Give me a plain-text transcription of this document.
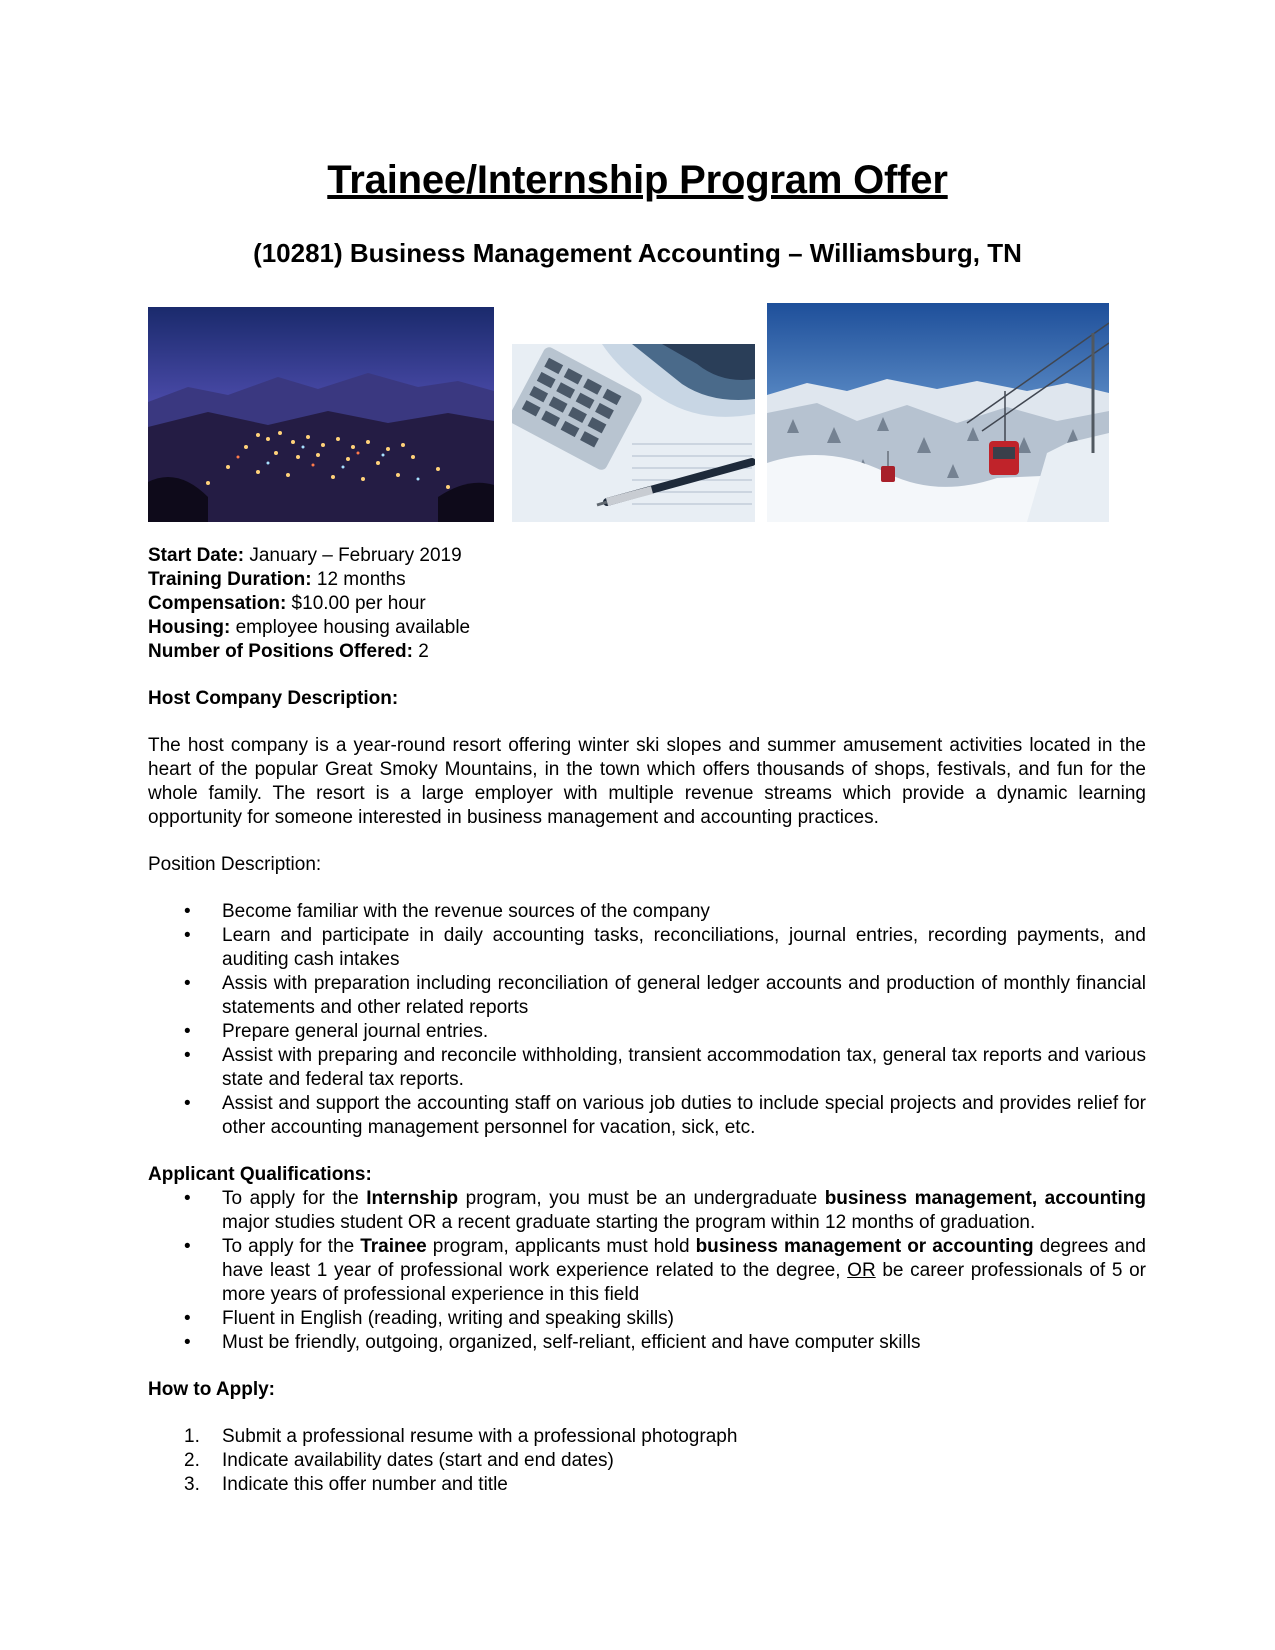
Trainee/Internship Program Offer
(10281) Business Management Accounting – Williamsburg, TN

Start Date: January – February 2019

Training Duration: 12 months

Compensation: $10.00 per hour

Housing: employee housing available

Number of Positions Offered: 2

Host Company Description:

The host company is a year-round resort offering winter ski slopes and summer amusement activities located in the heart of the popular Great Smoky Mountains, in the town which offers thousands of shops, festivals, and fun for the whole family. The resort is a large employer with multiple revenue streams which provide a dynamic learning opportunity for someone interested in business management and accounting practices.

Position Description:

• Become familiar with the revenue sources of the company
• Learn and participate in daily accounting tasks, reconciliations, journal entries, recording payments, and auditing cash intakes
• Assis with preparation including reconciliation of general ledger accounts and production of monthly financial statements and other related reports
• Prepare general journal entries.
• Assist with preparing and reconcile withholding, transient accommodation tax, general tax reports and various state and federal tax reports.
• Assist and support the accounting staff on various job duties to include special projects and provides relief for other accounting management personnel for vacation, sick, etc.

Applicant Qualifications:

• To apply for the Internship program, you must be an undergraduate business management, accounting major studies student OR a recent graduate starting the program within 12 months of graduation.
• To apply for the Trainee program, applicants must hold business management or accounting degrees and have least 1 year of professional work experience related to the degree, OR be career professionals of 5 or more years of professional experience in this field
• Fluent in English (reading, writing and speaking skills)
• Must be friendly, outgoing, organized, self-reliant, efficient and have computer skills

How to Apply:

1. Submit a professional resume with a professional photograph
2. Indicate availability dates (start and end dates)
3. Indicate this offer number and title
